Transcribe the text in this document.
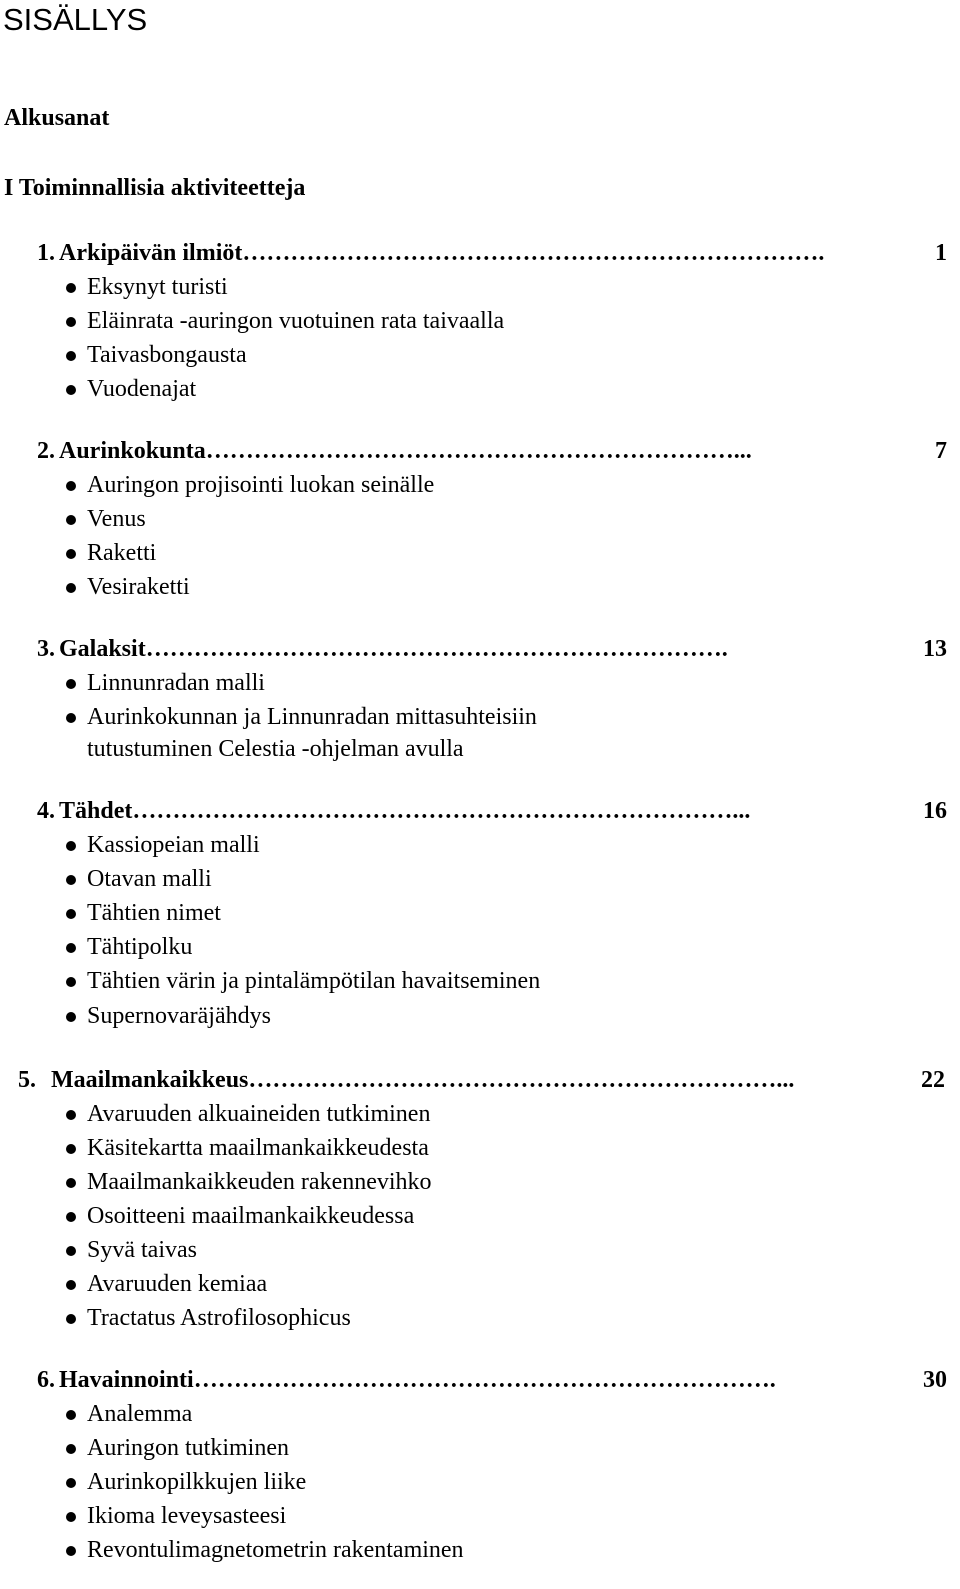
SISÄLLYS
Alkusanat
I Toiminnallisia aktiviteetteja
1. Arkipäivän ilmiöt ……………………………………………………………….	1
Eksynyt turisti
Eläinrata -auringon vuotuinen rata taivaalla
Taivasbongausta
Vuodenajat
2. Aurinkokunta …………………………………………………………...	7
Auringon projisointi luokan seinälle
Venus
Raketti
Vesiraketti
3. Galaksit ……………………………………………………………….	13
Linnunradan malli
Aurinkokunnan ja Linnunradan mittasuhteisiin
tutustuminen Celestia -ohjelman avulla
4. Tähdet …………………………………………………………………...	16
Kassiopeian malli
Otavan malli
Tähtien nimet
Tähtipolku
Tähtien värin ja pintalämpötilan havaitseminen
Supernovaräjähdys
5. Maailmankaikkeus …………………………………………………………...	22
Avaruuden alkuaineiden tutkiminen
Käsitekartta maailmankaikkeudesta
Maailmankaikkeuden rakennevihko
Osoitteeni maailmankaikkeudessa
Syvä taivas
Avaruuden kemiaa
Tractatus Astrofilosophicus
6. Havainnointi ……………………………………………………………….	30
Analemma
Auringon tutkiminen
Aurinkopilkkujen liike
Ikioma leveysasteesi
Revontulimagnetometrin rakentaminen
